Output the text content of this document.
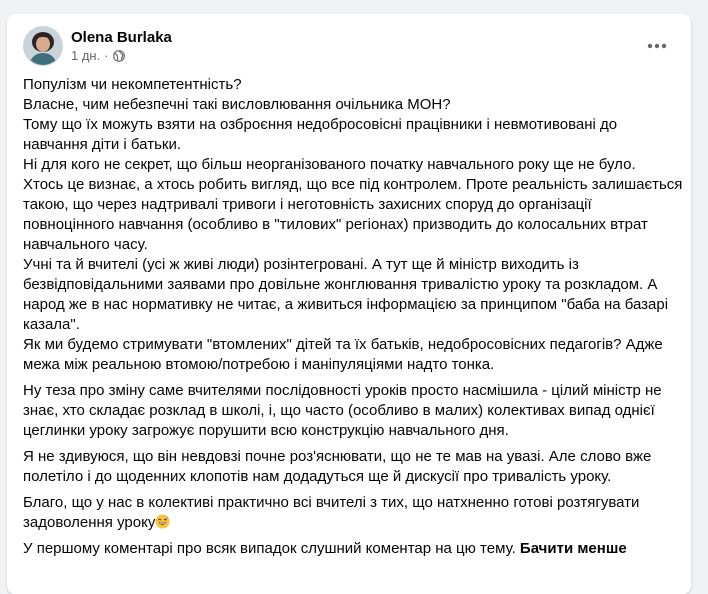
Olena Burlaka
1 дн. ·
Популізм чи некомпетентність?
Власне, чим небезпечні такі висловлювання очільника МОН?
Тому що їх можуть взяти на озброєння недобросовісні працівники і невмотивовані до
навчання діти і батьки.
Ні для кого не секрет, що більш неорганізованого початку навчального року ще не було.
Хтось це визнає, а хтось робить вигляд, що все під контролем. Проте реальність залишається
такою, що через надтривалі тривоги і неготовність захисних споруд до організації
повноцінного навчання (особливо в "тилових" регіонах) призводить до колосальних втрат
навчального часу.
Учні та й вчителі (усі ж живі люди) розінтегровані. А тут ще й міністр виходить із
безвідповідальними заявами про довільне жонглювання тривалістю уроку та розкладом. А
народ же в нас нормативку не читає, а живиться інформацією за принципом "баба на базарі
казала".
Як ми будемо стримувати "втомлених" дітей та їх батьків, недобросовісних педагогів? Адже
межа між реальною втомою/потребою і маніпуляціями надто тонка.
Ну теза про зміну саме вчителями послідовності уроків просто насмішила - цілий міністр не
знає, хто складає розклад в школі, і, що часто (особливо в малих) колективах випад однієї
цеглинки уроку загрожує порушити всю конструкцію навчального дня.
Я не здивуюся, що він невдовзі почне роз'яснювати, що не те мав на увазі. Але слово вже
полетіло і до щоденних клопотів нам додадуться ще й дискусії про тривалість уроку.
Благо, що у нас в колективі практично всі вчителі з тих, що натхненно готові розтягувати
задоволення уроку
У першому коментарі про всяк випадок слушний коментар на цю тему. Бачити менше
